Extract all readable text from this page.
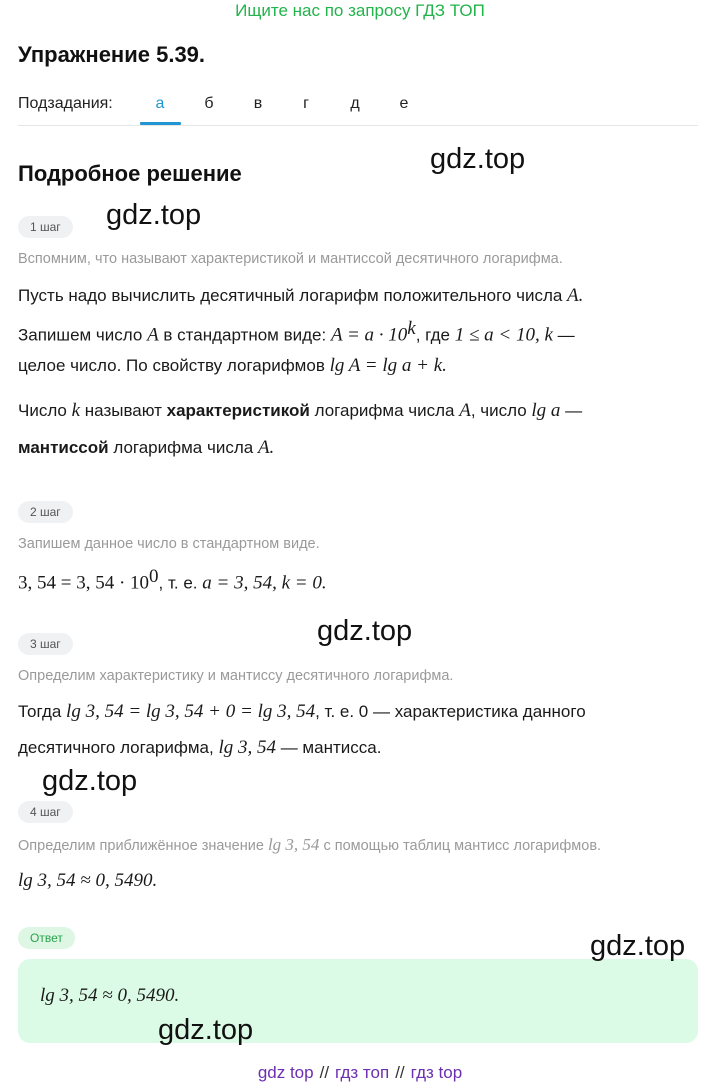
Ищите нас по запросу ГДЗ ТОП
Упражнение 5.39.
Подзадания:	а	б	в	г	д	е
Подробное решение
1 шаг
Вспомним, что называют характеристикой и мантиссой десятичного логарифма.
Пусть надо вычислить десятичный логарифм положительного числа A.
Запишем число A в стандартном виде: $A = a \cdot 10^k$, где 1 ≤ a < 10, k —
целое число. По свойству логарифмов lg A = lg a + k.
Число k называют характеристикой логарифма числа A, число lg a —
мантиссой логарифма числа A.
2 шаг
Запишем данное число в стандартном виде.
3, 54 = 3, $54 \cdot 10^0$, т. е. a = 3, 54, k = 0.
3 шаг
Определим характеристику и мантиссу десятичного логарифма.
Тогда lg 3, 54 = lg 3, 54 + 0 = lg 3, 54, т. е. 0 — характеристика данного
десятичного логарифма, lg 3, 54 — мантисса.
4 шаг
Определим приближённое значение lg 3, 54 с помощью таблиц мантисс логарифмов.
lg 3, 54 ≈ 0, 5490.
Ответ
lg 3, 54 ≈ 0, 5490.
gdz.top
gdz.top
gdz.top
gdz.top
gdz.top
gdz.top
gdz top // гдз топ // гдз top
